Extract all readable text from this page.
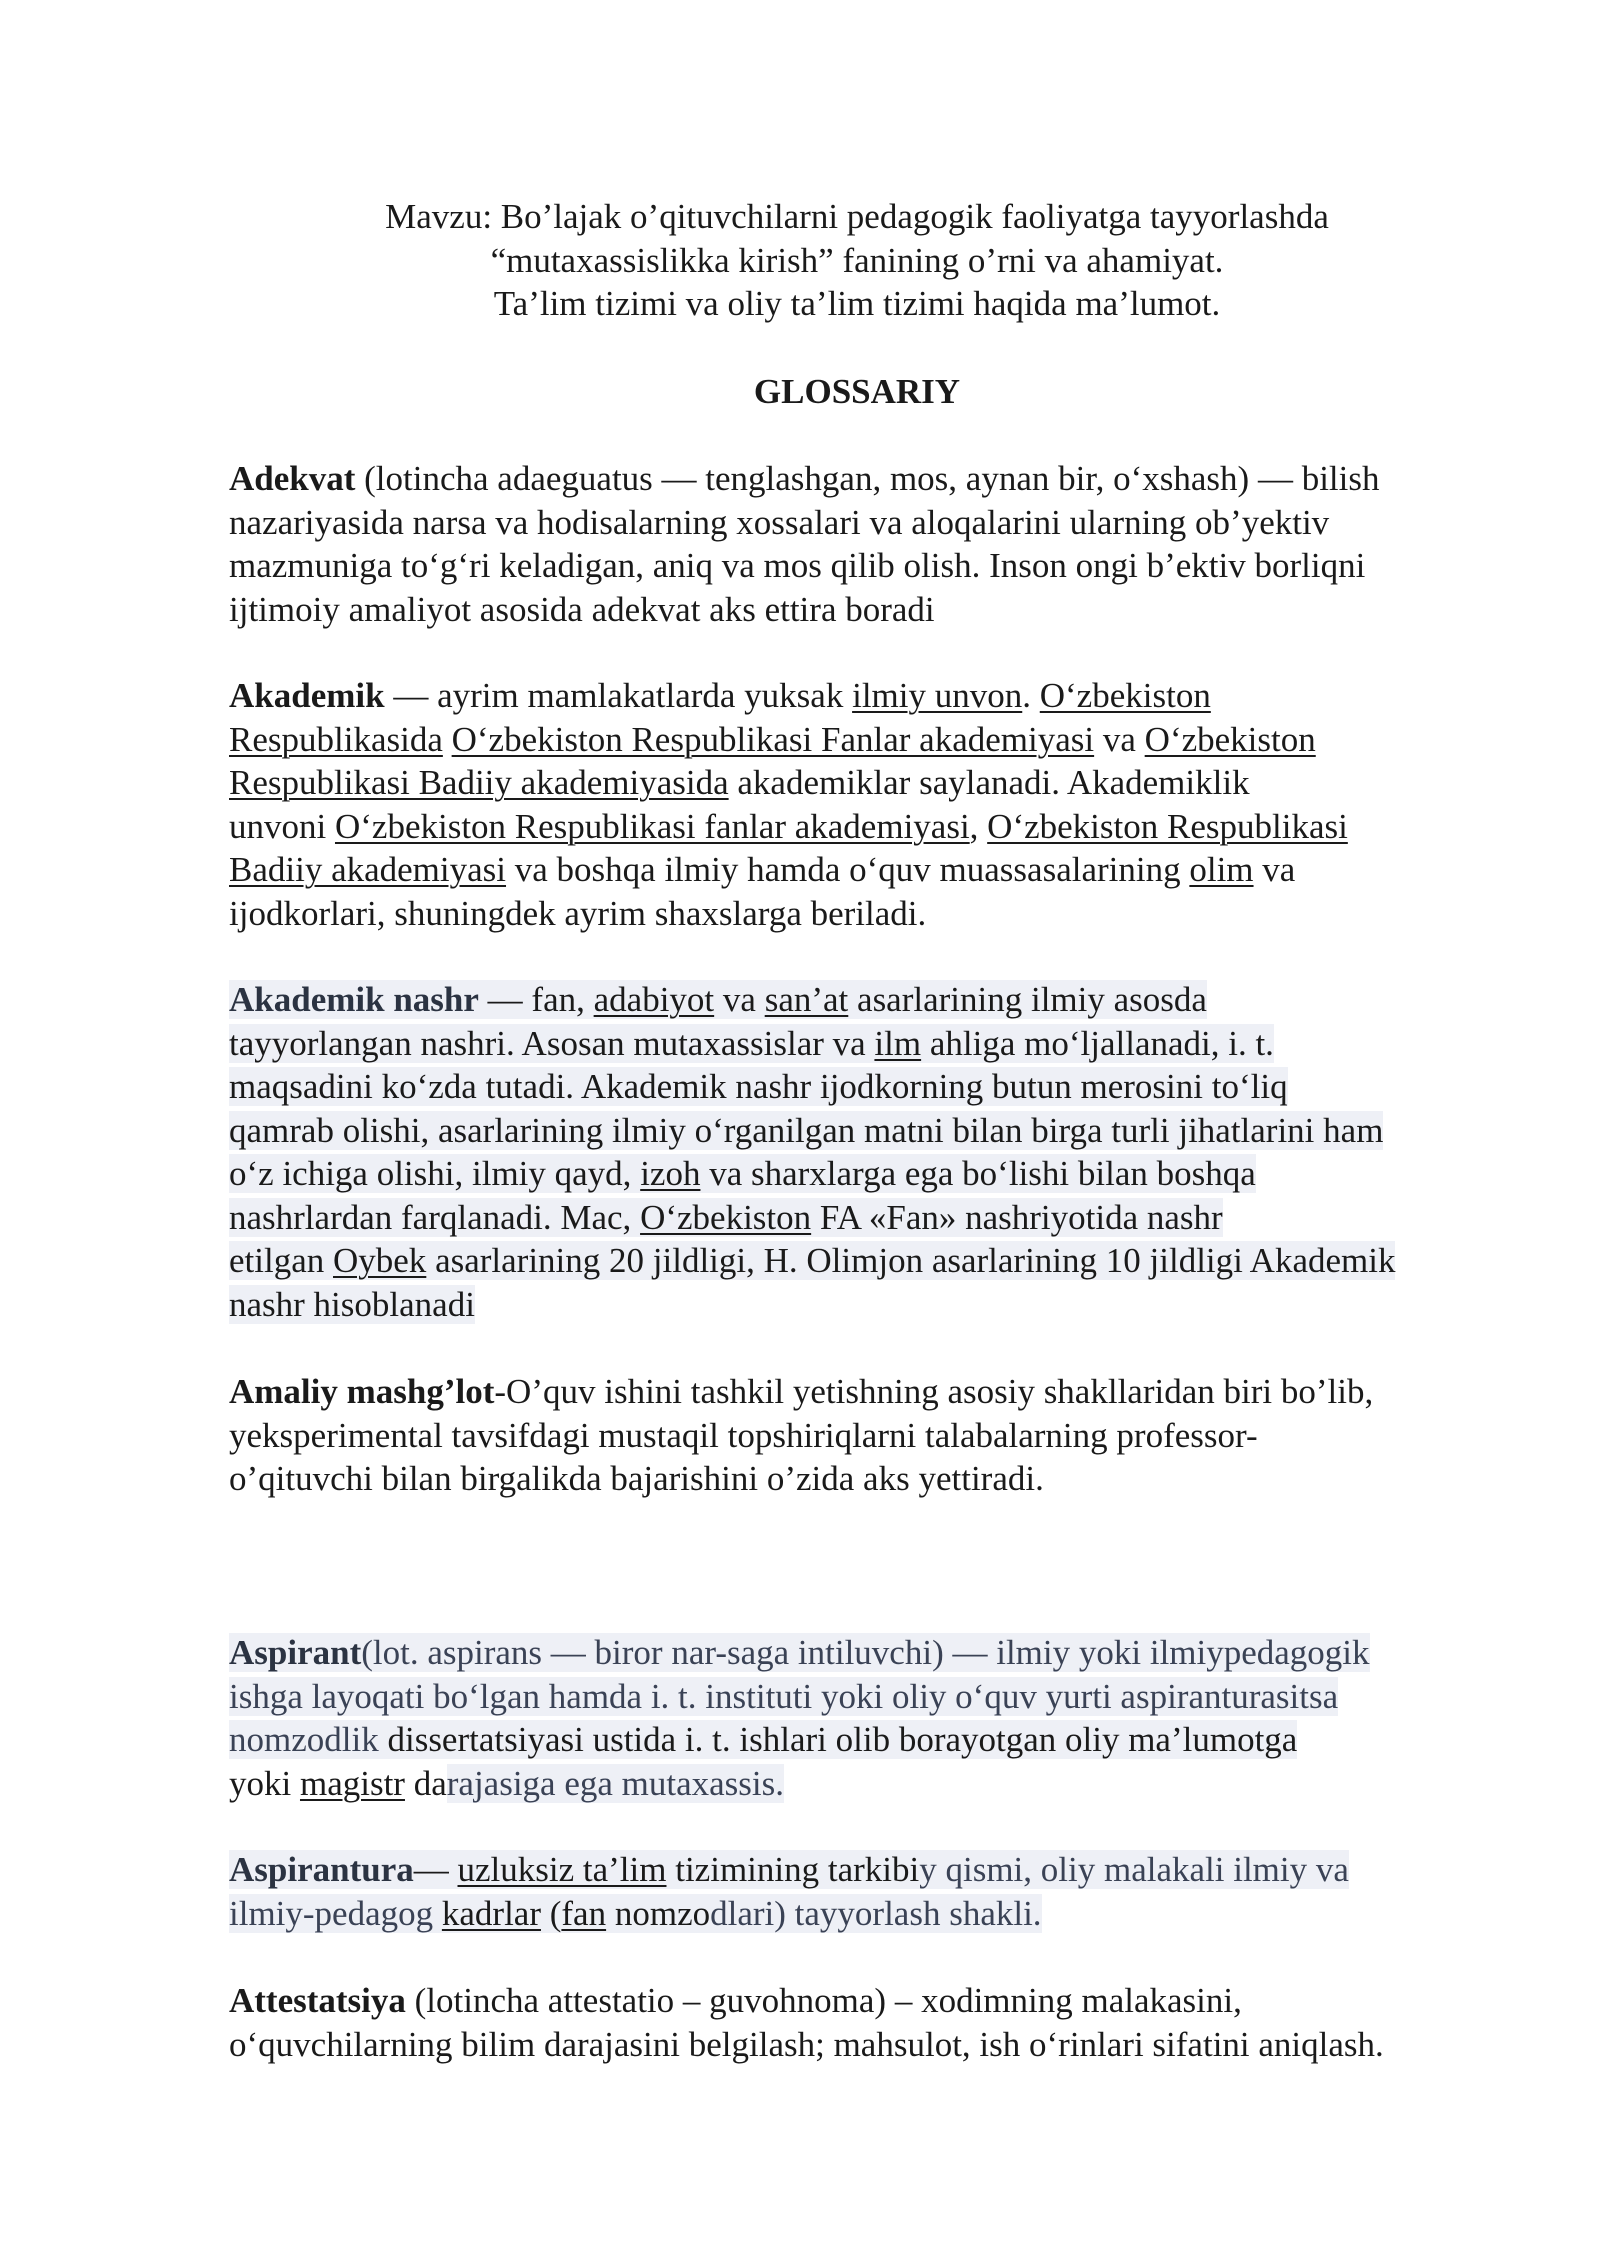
Mavzu: Bo’lajak o’qituvchilarni pedagogik faoliyatga tayyorlashda
“mutaxassislikka kirish” fanining o’rni va ahamiyat.
Ta’lim tizimi va oliy ta’lim tizimi haqida ma’lumot.
GLOSSARIY
Adekvat (lotincha adaeguatus — tenglashgan, mos, aynan bir, oʻxshash) — bilish
nazariyasida narsa va hodisalarning xossalari va aloqalarini ularning obʼyektiv
mazmuniga toʻgʻri keladigan, aniq va mos qilib olish. Inson ongi bʼektiv borliqni
ijtimoiy amaliyot asosida adekvat aks ettira boradi
Akademik — ayrim mamlakatlarda yuksak ilmiy unvon. Oʻzbekiston
Respublikasida Oʻzbekiston Respublikasi Fanlar akademiyasi va Oʻzbekiston
Respublikasi Badiiy akademiyasida akademiklar saylanadi. Akademiklik
unvoni Oʻzbekiston Respublikasi fanlar akademiyasi, Oʻzbekiston Respublikasi
Badiiy akademiyasi va boshqa ilmiy hamda oʻquv muassasalarining olim va
ijodkorlari, shuningdek ayrim shaxslarga beriladi.
Akademik nashr — fan, adabiyot va san’at asarlarining ilmiy asosda
tayyorlangan nashri. Asosan mutaxassislar va ilm ahliga moʻljallanadi, i. t.
maqsadini koʻzda tutadi. Akademik nashr ijodkorning butun merosini toʻliq
qamrab olishi, asarlarining ilmiy oʻrganilgan matni bilan birga turli jihatlarini ham
oʻz ichiga olishi, ilmiy qayd, izoh va sharxlarga ega boʻlishi bilan boshqa
nashrlardan farqlanadi. Mac, Oʻzbekiston FA «Fan» nashriyotida nashr
etilgan Oybek asarlarining 20 jildligi, H. Olimjon asarlarining 10 jildligi Akademik
nashr hisoblanadi
Amaliy mashg’lot-O’quv ishini tashkil yetishning asosiy shakllaridan biri bo’lib,
yeksperimental tavsifdagi mustaqil topshiriqlarni talabalarning professor-
o’qituvchi bilan birgalikda bajarishini o’zida aks yettiradi.
Aspirant(lot. aspirans — biror nar-saga intiluvchi) — ilmiy yoki ilmiypedagogik
ishga layoqati boʻlgan hamda i. t. instituti yoki oliy oʻquv yurti aspiranturasitsa
nomzodlik dissertatsiyasi ustida i. t. ishlari olib borayotgan oliy ma’lumotga
yoki magistr darajasiga ega mutaxassis.
Aspirantura— uzluksiz ta’lim tizimining tarkibiy qismi, oliy malakali ilmiy va
ilmiy-pedagog kadrlar (fan nomzodlari) tayyorlash shakli.
Attestatsiya (lotincha attestatio – guvohnoma) – xodimning malakasini,
oʻquvchilarning bilim darajasini belgilash; mahsulot, ish oʻrinlari sifatini aniqlash.
